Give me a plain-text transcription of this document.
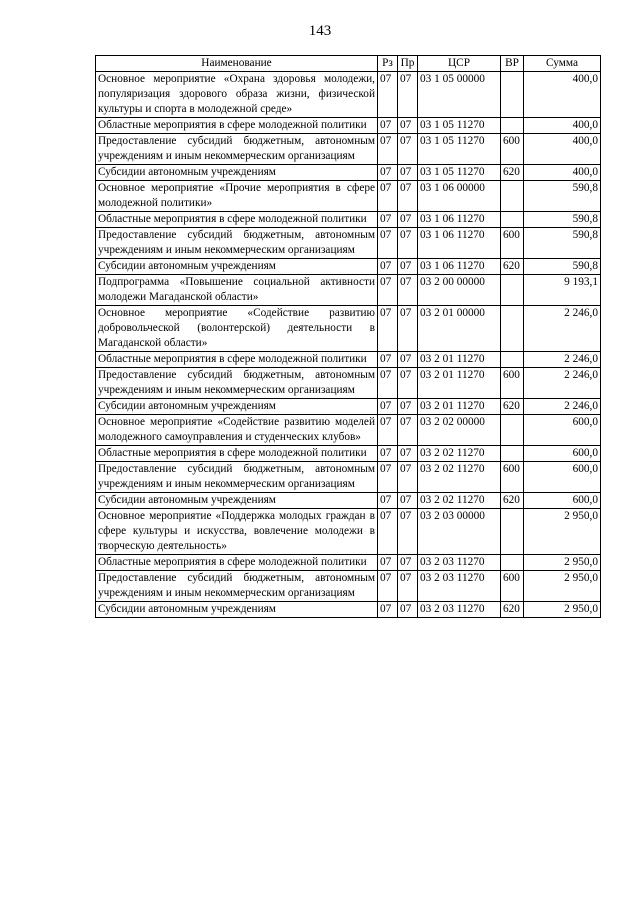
143
Наименование	Рз	Пр	ЦСР	ВР	Сумма
Основное мероприятие «Охрана здоровья молодежи, популяризация здорового образа жизни, физической культуры и спорта в молодежной среде»	07	07	03 1 05 00000		400,0
Областные мероприятия в сфере молодежной политики	07	07	03 1 05 11270		400,0
Предоставление субсидий бюджетным, автономным учреждениям и иным некоммерческим организациям	07	07	03 1 05 11270	600	400,0
Субсидии автономным учреждениям	07	07	03 1 05 11270	620	400,0
Основное мероприятие «Прочие мероприятия в сфере молодежной политики»	07	07	03 1 06 00000		590,8
Областные мероприятия в сфере молодежной политики	07	07	03 1 06 11270		590,8
Предоставление субсидий бюджетным, автономным учреждениям и иным некоммерческим организациям	07	07	03 1 06 11270	600	590,8
Субсидии автономным учреждениям	07	07	03 1 06 11270	620	590,8
Подпрограмма «Повышение социальной активности молодежи Магаданской области»	07	07	03 2 00 00000		9 193,1
Основное мероприятие «Содействие развитию добровольческой (волонтерской) деятельности в Магаданской области»	07	07	03 2 01 00000		2 246,0
Областные мероприятия в сфере молодежной политики	07	07	03 2 01 11270		2 246,0
Предоставление субсидий бюджетным, автономным учреждениям и иным некоммерческим организациям	07	07	03 2 01 11270	600	2 246,0
Субсидии автономным учреждениям	07	07	03 2 01 11270	620	2 246,0
Основное мероприятие «Содействие развитию моделей молодежного самоуправления и студенческих клубов»	07	07	03 2 02 00000		600,0
Областные мероприятия в сфере молодежной политики	07	07	03 2 02 11270		600,0
Предоставление субсидий бюджетным, автономным учреждениям и иным некоммерческим организациям	07	07	03 2 02 11270	600	600,0
Субсидии автономным учреждениям	07	07	03 2 02 11270	620	600,0
Основное мероприятие «Поддержка молодых граждан в сфере культуры и искусства, вовлечение молодежи в творческую деятельность»	07	07	03 2 03 00000		2 950,0
Областные мероприятия в сфере молодежной политики	07	07	03 2 03 11270		2 950,0
Предоставление субсидий бюджетным, автономным учреждениям и иным некоммерческим организациям	07	07	03 2 03 11270	600	2 950,0
Субсидии автономным учреждениям	07	07	03 2 03 11270	620	2 950,0
